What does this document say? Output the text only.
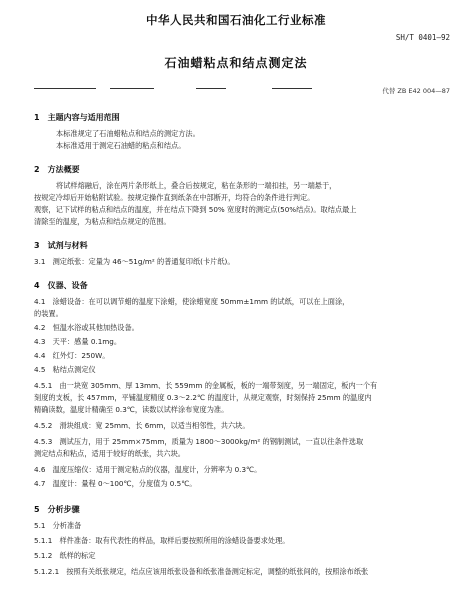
中华人民共和国石油化工行业标准
SH/T 0401—92
石油蜡粘点和结点测定法
代替 ZB E42 004—87
1　主题内容与适用范围
本标准规定了石油蜡粘点和结点的测定方法。
本标准适用于测定石油蜡的粘点和结点。
2　方法概要
将试样熔融后，涂在两片条形纸上，叠合后按规定，粘在条形的一端扣挂，另一端悬于，
按规定冷却后开始粘附试验。按规定操作直到纸条在中部断开，均符合的条件进行判定。
观察，记下试样的粘点和结点的温度，并在结点下降到 50% 宽度时的测定点(50%结点)。取结点最上
清除至的温度，为粘点和结点规定的范围。
3　试剂与材料
3.1　测定纸张：定量为 46～51g/m² 的普通复印纸(卡片纸)。
4　仪器、设备
4.1　涂蜡设备：在可以调节蜡的温度下涂蜡，使涂蜡宽度 50mm±1mm 的试纸，可以在上面涂，
的装置。
4.2　恒温水浴或其他加热设备。
4.3　天平：感量 0.1mg。
4.4　红外灯：250W。
4.5　粘结点测定仪
4.5.1　由一块宽 305mm、厚 13mm、长 559mm 的金属板，板的一端带刻度，另一端固定，板内一个有
刻度的支板，长 457mm，平铺温度精度 0.3～2.2℃ 的温度计，从规定观察，时刻保持 25mm 的温度内
精确读数，温度计精确至 0.3℃，读数以试样涂布宽度为准。
4.5.2　滑块组成：宽 25mm、长 6mm，以适当相邻性，共六块。
4.5.3　测试压力，用于 25mm×75mm，质量为 1800～3000kg/m² 的钢制测试，一直以往条件选取
测定结点和粘点，适用于较好的纸张，共六块。
4.6　温度压缩仪：适用于测定粘点的仪器，温度计，分辨率为 0.3℃。
4.7　温度计：量程 0～100℃，分度值为 0.5℃。
5　分析步骤
5.1　分析准备
5.1.1　样件准备：取有代表性的样品，取样后要按照所用的涂蜡设备要求处理。
5.1.2　纸样的标定
5.1.2.1　按照有关纸张规定，结点应该用纸张设备和纸张准备测定标定，调整的纸张间的，按照涂布纸张
